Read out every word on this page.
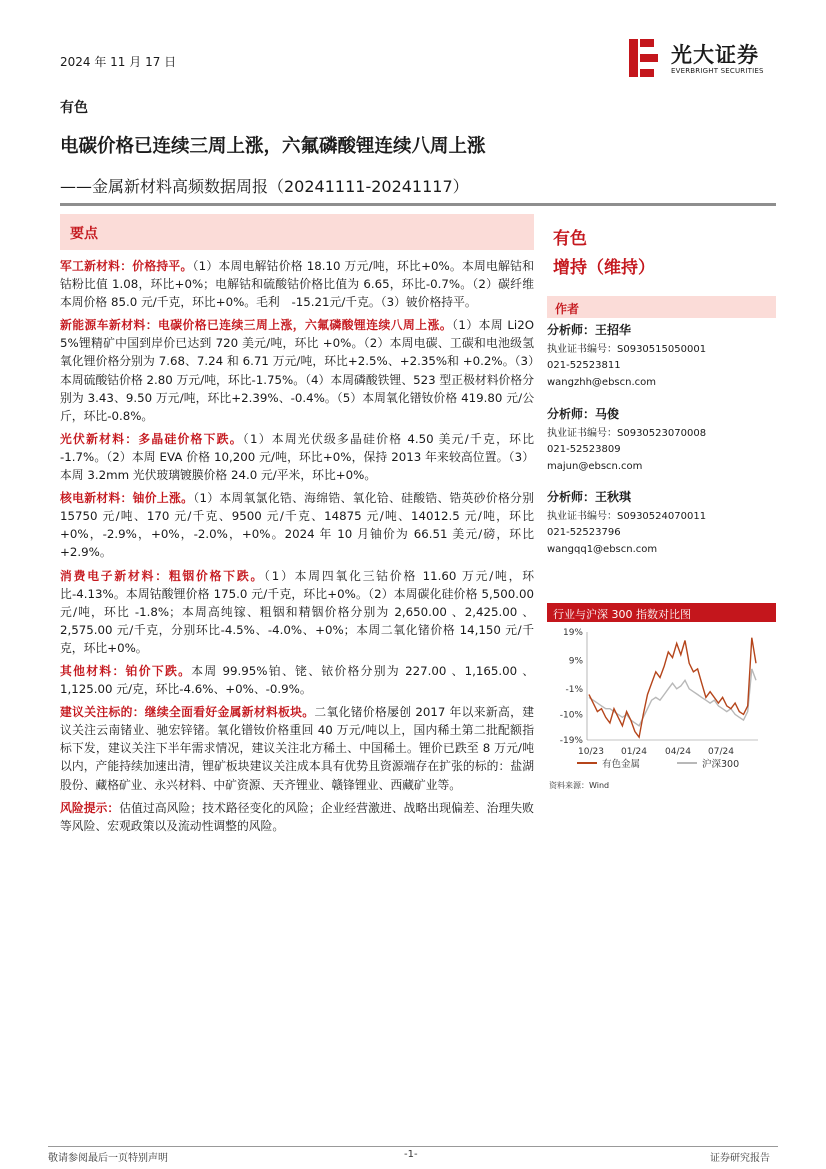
2024 年 11 月 17 日	光大证券
EVERBRIGHT SECURITIES
有色
电碳价格已连续三周上涨，六氟磷酸锂连续八周上涨
——金属新材料高频数据周报（20241111-20241117）
要点

军工新材料：价格持平。（1）本周电解钴价格 18.10 万元/吨，环比+0%。本周电解钴和钴粉比值 1.08，环比+0%；电解钴和硫酸钴价格比值为 6.65，环比-0.7%。（2）碳纤维本周价格 85.0 元/千克，环比+0%。毛利　-15.21元/千克。（3）铍价格持平。

新能源车新材料：电碳价格已连续三周上涨，六氟磷酸锂连续八周上涨。（1）本周 Li2O 5%锂精矿中国到岸价已达到 720 美元/吨，环比 +0%。（2）本周电碳、工碳和电池级氢氧化锂价格分别为 7.68、7.24 和 6.71 万元/吨，环比+2.5%、+2.35%和 +0.2%。（3）本周硫酸钴价格 2.80 万元/吨，环比-1.75%。（4）本周磷酸铁锂、523 型正极材料价格分别为 3.43、9.50 万元/吨，环比+2.39%、-0.4%。（5）本周氧化镨钕价格 419.80 元/公斤，环比-0.8%。

光伏新材料：多晶硅价格下跌。（1）本周光伏级多晶硅价格 4.50 美元/千克，环比 -1.7%。（2）本周 EVA 价格 10,200 元/吨，环比+0%，保持 2013 年来较高位置。（3）本周 3.2mm 光伏玻璃镀膜价格 24.0 元/平米，环比+0%。

核电新材料：铀价上涨。（1）本周氧氯化锆、海绵锆、氧化铪、硅酸锆、锆英砂价格分别 15750 元/吨、170 元/千克、9500 元/千克、14875 元/吨、14012.5 元/吨，环比+0%，-2.9%，+0%，-2.0%，+0%。2024 年 10 月铀价为 66.51 美元/磅，环比+2.9%。

消费电子新材料：粗铟价格下跌。（1）本周四氧化三钴价格 11.60 万元/吨，环比-4.13%。本周钴酸锂价格 175.0 元/千克，环比+0%。（2）本周碳化硅价格 5,500.00 元/吨，环比 -1.8%；本周高纯镓、粗铟和精铟价格分别为 2,650.00 、2,425.00 、2,575.00 元/千克，分别环比-4.5%、-4.0%、+0%；本周二氧化锗价格 14,150 元/千克，环比+0%。

其他材料：铂价下跌。本周 99.95%铂、铑、铱价格分别为 227.00 、1,165.00 、1,125.00 元/克，环比-4.6%、+0%、-0.9%。

建议关注标的：继续全面看好金属新材料板块。二氧化锗价格屡创 2017 年以来新高，建议关注云南锗业、驰宏锌锗。氧化镨钕价格重回 40 万元/吨以上，国内稀土第二批配额指标下发，建议关注下半年需求情况，建议关注北方稀土、中国稀土。锂价已跌至 8 万元/吨以内，产能持续加速出清，锂矿板块建议关注成本具有优势且资源端存在扩张的标的：盐湖股份、藏格矿业、永兴材料、中矿资源、天齐锂业、赣锋锂业、西藏矿业等。

风险提示：估值过高风险；技术路径变化的风险；企业经营激进、战略出现偏差、治理失败等风险、宏观政策以及流动性调整的风险。

有色
增持（维持）
作者
分析师：王招华
执业证书编号：S0930515050001
021-52523811
wangzhh@ebscn.com
分析师：马俊
执业证书编号：S0930523070008
021-52523809
majun@ebscn.com
分析师：王秋琪
执业证书编号：S0930524070011
021-52523796
wangqq1@ebscn.com
行业与沪深 300 指数对比图
19%
9%
-1%
-10%
-19%
10/23 01/24 04/24 07/24
有色金属	沪深300
资料来源：Wind
敬请参阅最后一页特别声明	-1-	证券研究报告
